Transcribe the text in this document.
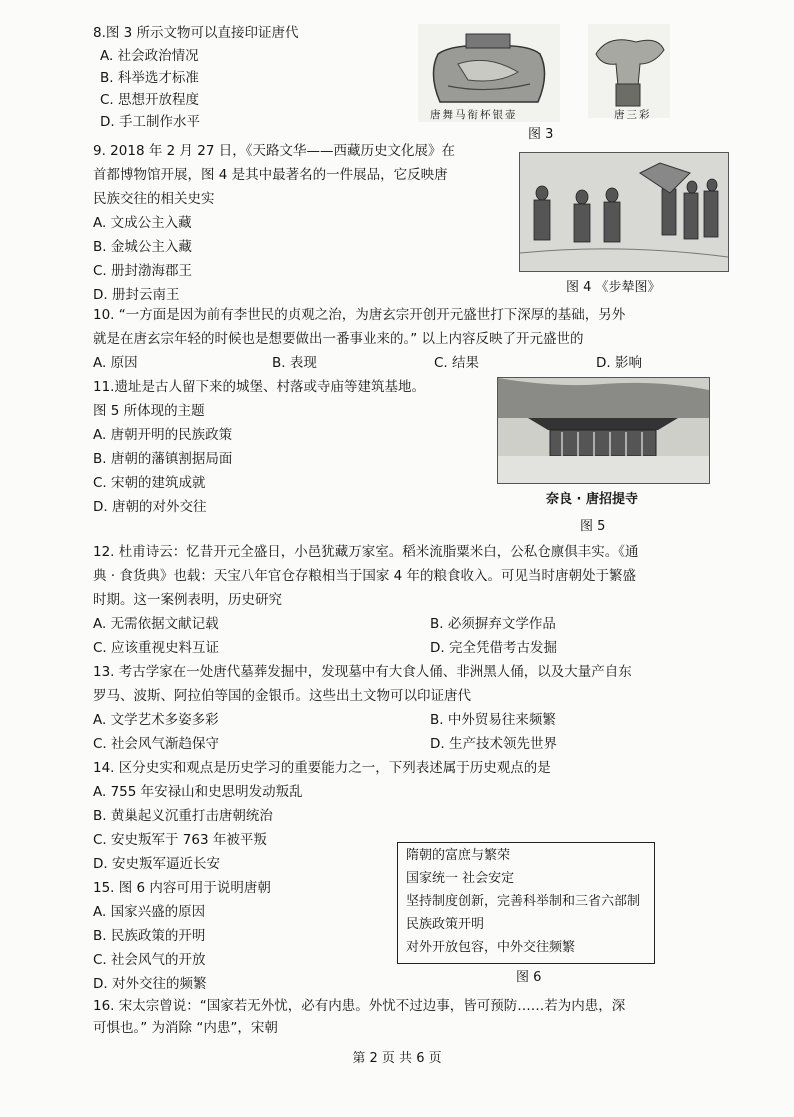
8.图 3 所示文物可以直接印证唐代
A. 社会政治情况
B. 科举选才标准
C. 思想开放程度
D. 手工制作水平	唐舞马衔杯银壶	唐三彩
图 3
9. 2018 年 2 月 27 日，《天路文华——西藏历史文化展》在
首都博物馆开展，图 4 是其中最著名的一件展品，它反映唐
民族交往的相关史实
A. 文成公主入藏
B. 金城公主入藏
C. 册封渤海郡王
D. 册封云南王	图 4 《步辇图》
10. “一方面是因为前有李世民的贞观之治，为唐玄宗开创开元盛世打下深厚的基础，另外
就是在唐玄宗年轻的时候也是想要做出一番事业来的。” 以上内容反映了开元盛世的
A. 原因	B. 表现	C. 结果	D. 影响
11.遗址是古人留下来的城堡、村落或寺庙等建筑基地。
图 5 所体现的主题
A. 唐朝开明的民族政策
B. 唐朝的藩镇割据局面
C. 宋朝的建筑成就
D. 唐朝的对外交往	奈良 · 唐招提寺
图 5
12. 杜甫诗云：忆昔开元全盛日，小邑犹藏万家室。稻米流脂粟米白，公私仓廪俱丰实。《通
典 · 食货典》也载：天宝八年官仓存粮相当于国家 4 年的粮食收入。可见当时唐朝处于繁盛
时期。这一案例表明，历史研究
A. 无需依据文献记载	B. 必须摒弃文学作品
C. 应该重视史料互证	D. 完全凭借考古发掘
13. 考古学家在一处唐代墓葬发掘中，发现墓中有大食人俑、非洲黑人俑，以及大量产自东
罗马、波斯、阿拉伯等国的金银币。这些出土文物可以印证唐代
A. 文学艺术多姿多彩	B. 中外贸易往来频繁
C. 社会风气渐趋保守	D. 生产技术领先世界
14. 区分史实和观点是历史学习的重要能力之一，下列表述属于历史观点的是
A. 755 年安禄山和史思明发动叛乱
B. 黄巢起义沉重打击唐朝统治
C. 安史叛军于 763 年被平叛
D. 安史叛军逼近长安
15. 图 6 内容可用于说明唐朝
A. 国家兴盛的原因
B. 民族政策的开明
C. 社会风气的开放
D. 对外交往的频繁
隋朝的富庶与繁荣
国家统一 社会安定
坚持制度创新，完善科举制和三省六部制
民族政策开明
对外开放包容，中外交往频繁
图 6
16. 宋太宗曾说：“国家若无外忧，必有内患。外忧不过边事，皆可预防……若为内患，深
可惧也。” 为消除 “内患”，宋朝
第 2 页 共 6 页
